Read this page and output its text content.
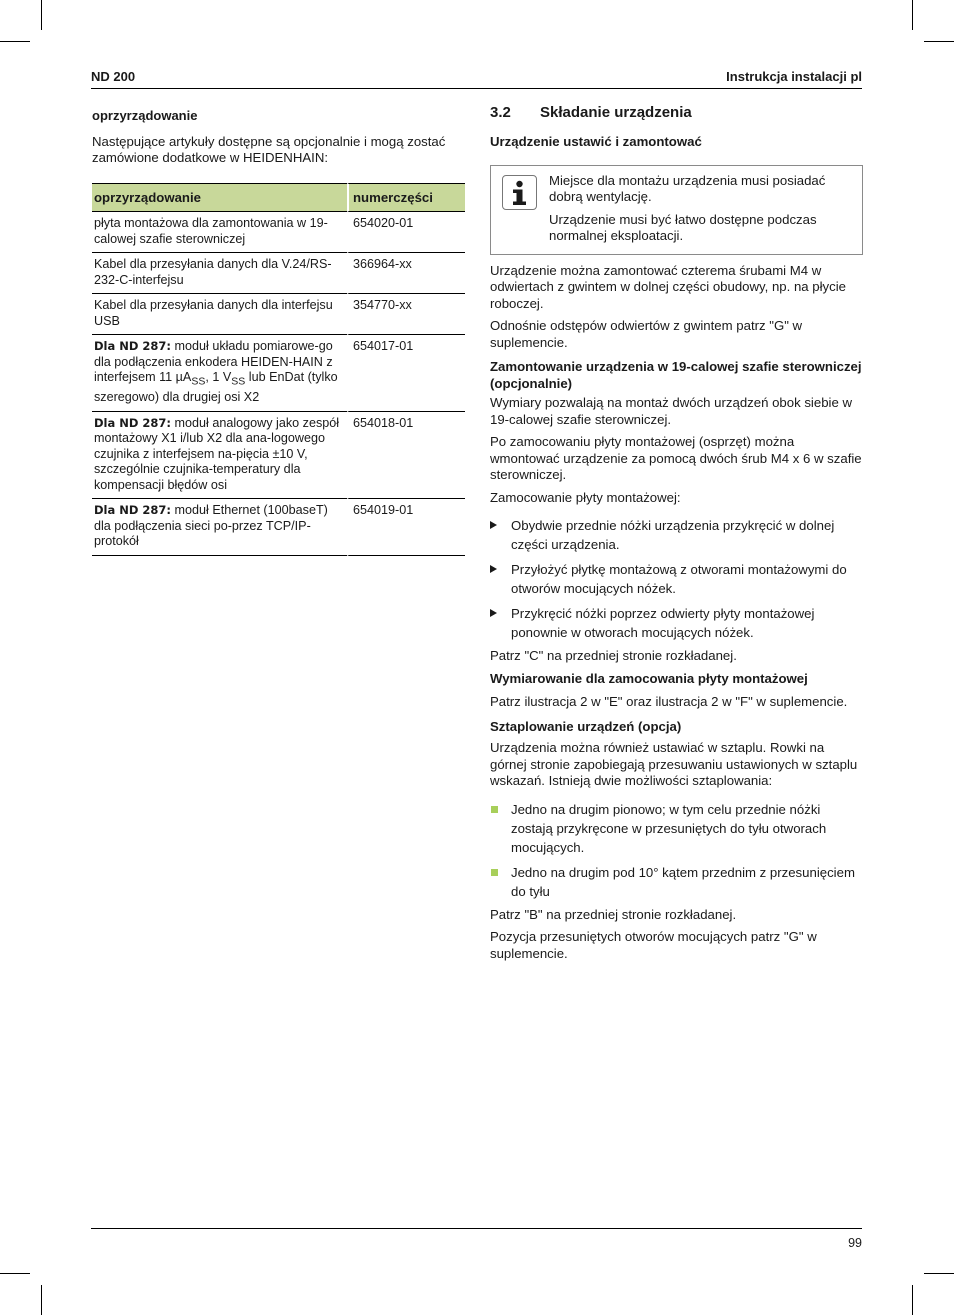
ND 200	Instrukcja instalacji pl

oprzyrządowanie

Następujące artykuły dostępne są opcjonalnie i mogą zostać zamówione dodatkowe w HEIDENHAIN:

oprzyrządowanie	numerczęści
płyta montażowa dla zamontowania w 19-calowej szafie sterowniczej	654020-01
Kabel dla przesyłania danych dla V.24/RS-232-C-interfejsu	366964-xx
Kabel dla przesyłania danych dla interfejsu USB	354770-xx
Dla ND 287: moduł układu pomiarowe-go dla podłączenia enkodera HEIDEN-HAIN z interfejsem 11 µA$_{SS}$, 1 $V_{SS}$ lub EnDat (tylko szeregowo) dla drugiej osi X2	654017-01
Dla ND 287: moduł analogowy jako zespół montażowy X1 i/lub X2 dla ana-logowego czujnika z interfejsem na-pięcia ±10 V, szczególnie czujnika-temperatury dla kompensacji błędów osi	654018-01
Dla ND 287: moduł Ethernet (100baseT) dla podłączenia sieci po-przez TCP/IP-protokół	654019-01
3.2 Składanie urządzenia

Urządzenie ustawić i zamontować

Miejsce dla montażu urządzenia musi posiadać dobrą wentylację.

Urządzenie musi być łatwo dostępne podczas normalnej eksploatacji.

Urządzenie można zamontować czterema śrubami M4 w odwiertach z gwintem w dolnej części obudowy, np. na płycie roboczej.

Odnośnie odstępów odwiertów z gwintem patrz "G" w suplemencie.

Zamontowanie urządzenia w 19-calowej szafie sterowniczej (opcjonalnie)

Wymiary pozwalają na montaż dwóch urządzeń obok siebie w 19-calowej szafie sterowniczej.

Po zamocowaniu płyty montażowej (osprzęt) można wmontować urządzenie za pomocą dwóch śrub M4 x 6 w szafie sterowniczej.

Zamocowanie płyty montażowej:

Obydwie przednie nóżki urządzenia przykręcić w dolnej części urządzenia.
Przyłożyć płytkę montażową z otworami montażowymi do otworów mocujących nóżek.
Przykręcić nóżki poprzez odwierty płyty montażowej ponownie w otworach mocujących nóżek.

Patrz "C" na przedniej stronie rozkładanej.

Wymiarowanie dla zamocowania płyty montażowej

Patrz ilustracja 2 w "E" oraz ilustracja 2 w "F" w suplemencie.

Sztaplowanie urządzeń (opcja)

Urządzenia można również ustawiać w sztaplu. Rowki na górnej stronie zapobiegają przesuwaniu ustawionych w sztaplu wskazań. Istnieją dwie możliwości sztaplowania:

Jedno na drugim pionowo; w tym celu przednie nóżki zostają przykręcone w przesuniętych do tyłu otworach mocujących.
Jedno na drugim pod 10° kątem przednim z przesunięciem do tyłu

Patrz "B" na przedniej stronie rozkładanej.

Pozycja przesuniętych otworów mocujących patrz "G" w suplemencie.

99
